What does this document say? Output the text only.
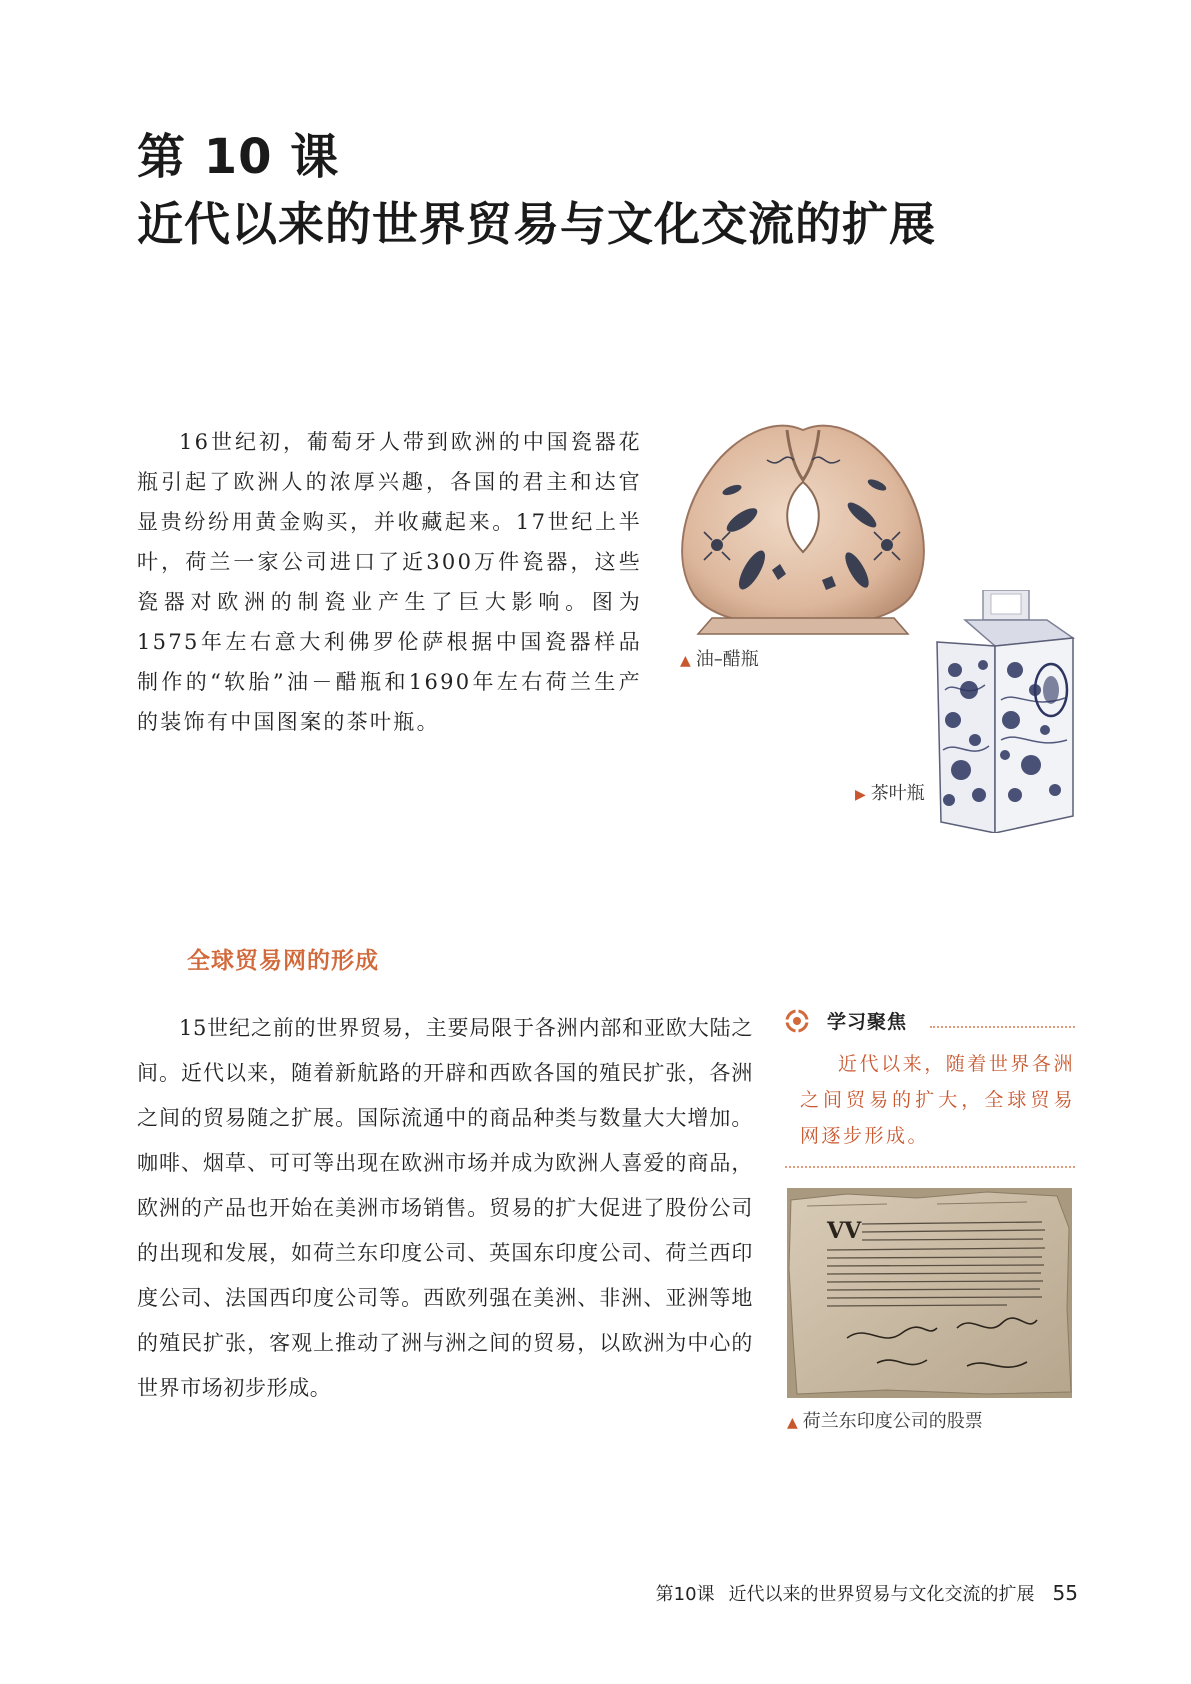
第 10 课
近代以来的世界贸易与文化交流的扩展

16世纪初，葡萄牙人带到欧洲的中国瓷器花瓶引起了欧洲人的浓厚兴趣，各国的君主和达官显贵纷纷用黄金购买，并收藏起来。17世纪上半叶，荷兰一家公司进口了近300万件瓷器，这些瓷器对欧洲的制瓷业产生了巨大影响。图为1575年左右意大利佛罗伦萨根据中国瓷器样品制作的“软胎”油－醋瓶和1690年左右荷兰生产的装饰有中国图案的茶叶瓶。

▲ 油–醋瓶
▶ 茶叶瓶
全球贸易网的形成

15世纪之前的世界贸易，主要局限于各洲内部和亚欧大陆之间。近代以来，随着新航路的开辟和西欧各国的殖民扩张，各洲之间的贸易随之扩展。国际流通中的商品种类与数量大大增加。咖啡、烟草、可可等出现在欧洲市场并成为欧洲人喜爱的商品，欧洲的产品也开始在美洲市场销售。贸易的扩大促进了股份公司的出现和发展，如荷兰东印度公司、英国东印度公司、荷兰西印度公司、法国西印度公司等。西欧列强在美洲、非洲、亚洲等地的殖民扩张，客观上推动了洲与洲之间的贸易，以欧洲为中心的世界市场初步形成。

学习聚焦

近代以来，随着世界各洲之间贸易的扩大，全球贸易网逐步形成。

VV
▲ 荷兰东印度公司的股票
第10课 近代以来的世界贸易与文化交流的扩展 55
